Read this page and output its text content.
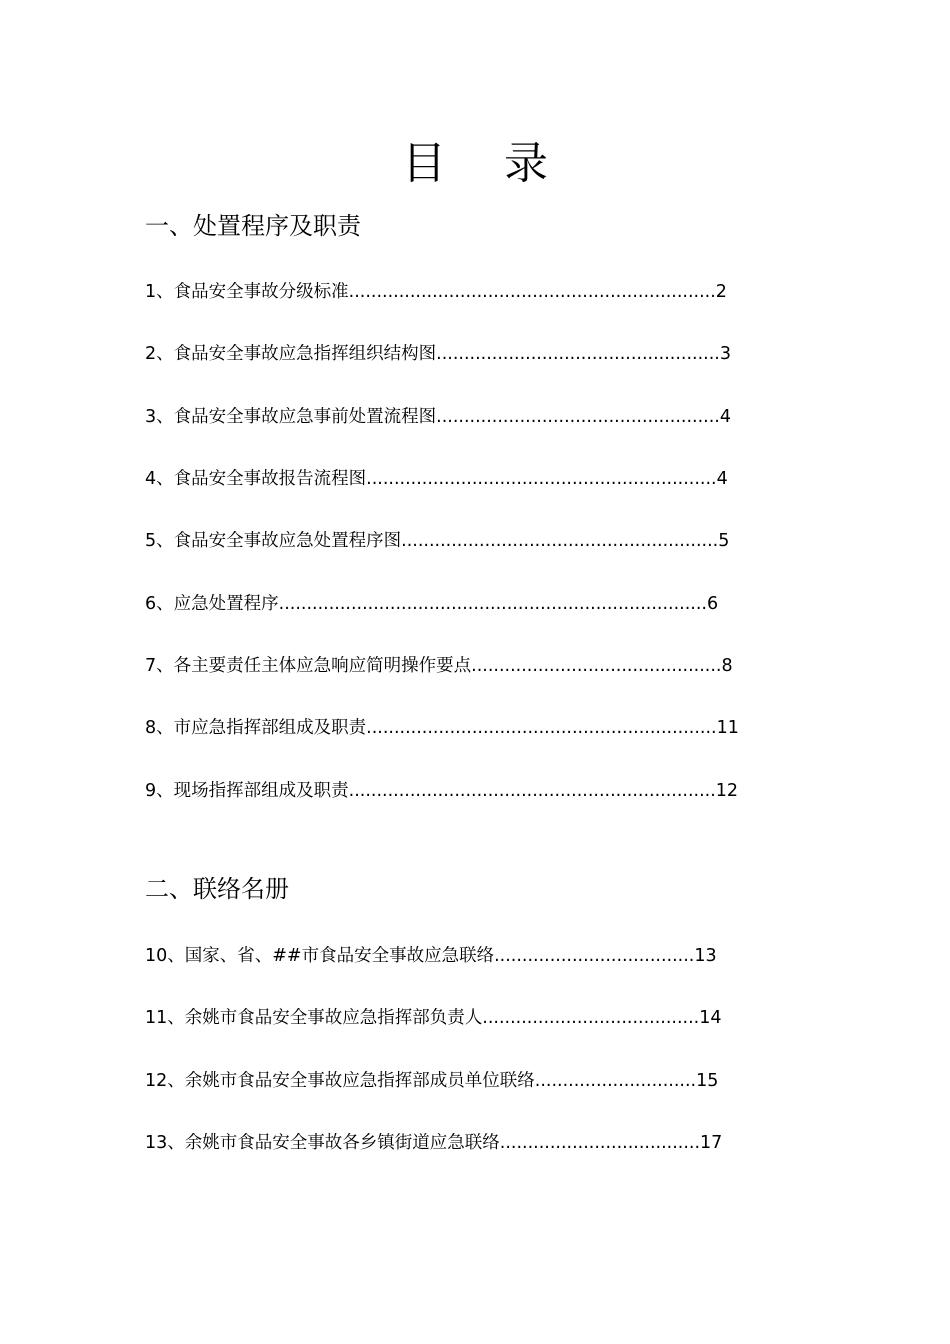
目 录
一、处置程序及职责
1、食品安全事故分级标准..................................................................2
2、食品安全事故应急指挥组织结构图...................................................3
3、食品安全事故应急事前处置流程图...................................................4
4、食品安全事故报告流程图...............................................................4
5、食品安全事故应急处置程序图.........................................................5
6、应急处置程序.............................................................................6
7、各主要责任主体应急响应简明操作要点.............................................8
8、市应急指挥部组成及职责...............................................................11
9、现场指挥部组成及职责..................................................................12
二、联络名册
10、国家、省、##市食品安全事故应急联络....................................13
11、余姚市食品安全事故应急指挥部负责人.......................................14
12、余姚市食品安全事故应急指挥部成员单位联络.............................15
13、余姚市食品安全事故各乡镇街道应急联络....................................17
